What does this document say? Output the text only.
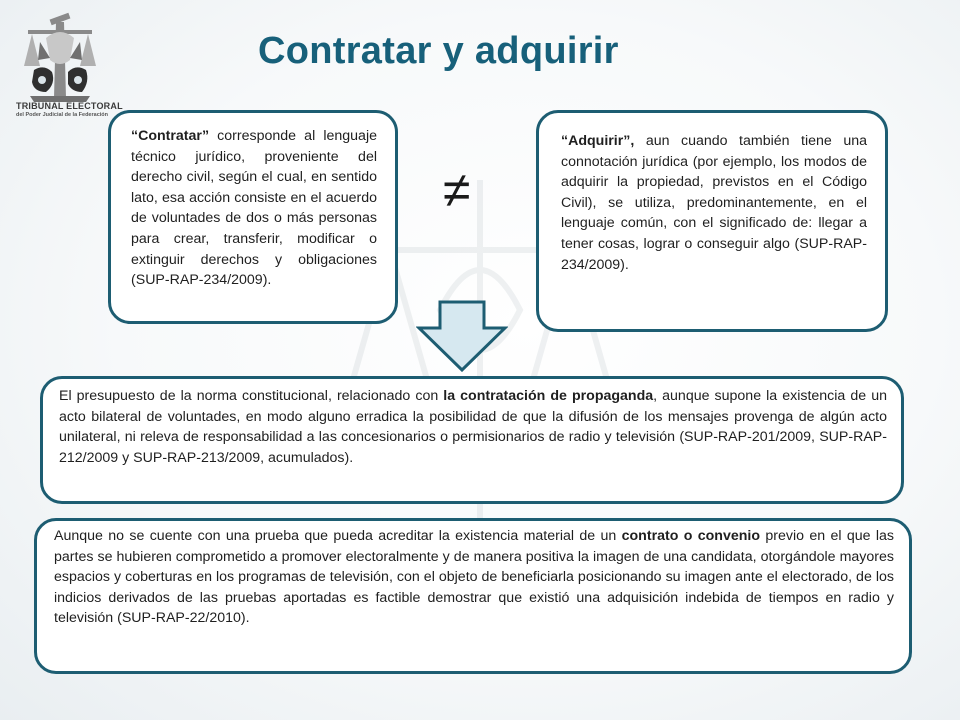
TRIBUNAL ELECTORAL
del Poder Judicial de la Federación
Contratar y adquirir
“Contratar” corresponde al lenguaje técnico jurídico, proveniente del derecho civil, según el cual, en sentido lato, esa acción consiste en el acuerdo de voluntades de dos o más personas para crear, transferir, modificar o extinguir derechos y obligaciones (SUP-RAP-234/2009).
≠
“Adquirir”, aun cuando también tiene una connotación jurídica (por ejemplo, los modos de adquirir la propiedad, previstos en el Código Civil), se utiliza, predominantemente, en el lenguaje común, con el significado de: llegar a tener cosas, lograr o conseguir algo (SUP-RAP-234/2009).
El presupuesto de la norma constitucional, relacionado con la contratación de propaganda, aunque supone la existencia de un acto bilateral de voluntades, en modo alguno erradica la posibilidad de que la difusión de los mensajes provenga de algún acto unilateral, ni releva de responsabilidad a las concesionarios o permisionarios de radio y televisión (SUP-RAP-201/2009, SUP-RAP-212/2009 y SUP-RAP-213/2009, acumulados).
Aunque no se cuente con una prueba que pueda acreditar la existencia material de un contrato o convenio previo en el que las partes se hubieren comprometido a promover electoralmente y de manera positiva la imagen de una candidata, otorgándole mayores espacios y coberturas en los programas de televisión, con el objeto de beneficiarla posicionando su imagen ante el electorado, de los indicios derivados de las pruebas aportadas es factible demostrar que existió una adquisición indebida de tiempos en radio y televisión (SUP-RAP-22/2010).
